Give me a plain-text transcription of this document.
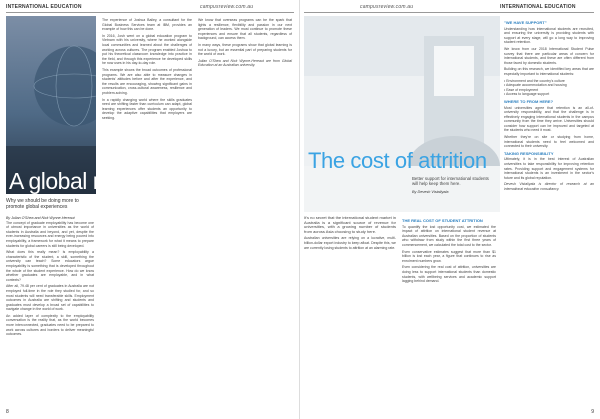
INTERNATIONAL EDUCATION	campusreview.com.au
A global mind
Why we should be doing more to promote global experiences
By Julian O'Shea and Nick Wynne-Hereaut

The concept of graduate employability has become one of utmost importance in universities as the world of students in Australia and beyond, and yet, despite the ever-increasing resources and energy being poured into employability, a framework for what it means to prepare students for global careers is still being developed.

What does this really mean? Is employability a characteristic of the student, a skill, something the university can teach? Some educators argue employability is something that is developed throughout the whole of the student experience. How do we know whether graduates are employable, and in what contexts?

After all, 79.48 per cent of graduates in Australia are not employed full-time in the role they studied for, and so most students will need transferable skills. Employment outcomes in Australia are shifting and students and graduates must develop a broad set of capabilities to navigate change in the world of work.

An added layer of complexity to the employability conversation is the reality that, as the world becomes more interconnected, graduates need to be prepared to work across cultures and borders to deliver meaningful outcomes.

The experience of Joshua Bailey, a consultant for the Global Business Services team at IBM, provides an example of how this can be done.

In 2016, Josh went on a global education program to Vietnam with his university, where he worked alongside local communities and learned about the challenges of working across cultures. The program enabled Joshua to put his theoretical classroom knowledge into practice in the field, and through this experience he developed skills he now uses in his day-to-day role.

This example shows the broad outcomes of professional programs. We are also able to measure changes in students' attitudes before and after the experience, and the results are encouraging, showing significant gains in communication, cross-cultural awareness, resilience and problem-solving.

In a rapidly changing world where the skills graduates need are shifting faster than curriculum can adapt, global learning experiences offer students an opportunity to develop the adaptive capabilities that employers are seeking.

We know that overseas programs can be the spark that lights a resilience, flexibility and passion in our next generation of leaders. We must continue to promote these experiences and ensure that all students, regardless of background, can access them.

In many ways, these programs show that global learning is not a luxury, but an essential part of preparing students for the world of work.

Julian O'Shea and Nick Wynne-Hereaut are from Global Education at an Australian university.

8
campusreview.com.au	INTERNATIONAL EDUCATION
The cost of attrition
Better support for international students will help keep them here.
By Devesh Vistaliyala

It's no secret that the international student market in Australia is a significant source of revenue for universities, with a growing number of students from across Asia choosing to study here.

Australian universities are relying on a lucrative, multi-billion-dollar export industry to keep afloat. Despite this, we are currently losing students to attrition at an alarming rate.

THE REAL COST OF STUDENT ATTRITION

To quantify the lost opportunity cost, we estimated the impact of attrition on international student revenue at Australian universities. Based on the proportion of students who withdraw from study within the first three years of commencement, we calculated the total cost to the sector.

Even conservative estimates suggest that more than $1 billion is lost each year, a figure that continues to rise as enrolment numbers grow.

Even considering the real cost of attrition, universities are doing less to support international students than domestic students, with wellbeing services and academic support lagging behind demand.

"WE HAVE SUPPORT"

Understanding how international students are recruited, and ensuring the university is providing students with support at every stage, will go a long way to improving student retention.

We know from our 2018 International Student Pulse survey that there are particular areas of concern for international students, and these are often different from those faced by domestic students.

Building on this research, we identified key areas that are especially important to international students:

• Environment and the country's culture
• Adequate accommodation and housing
• Ease of employment
• Access to language support
WHERE TO FROM HERE?

Most universities agree that retention is an all-of-university responsibility, and that the challenge is in effectively engaging international students in the campus community from the time they arrive. Universities should consider how support can be improved and targeted at the students who need it most.

Whether they're on site or studying from home, international students need to feel welcomed and connected to their university.

TAKING RESPONSIBILITY

Ultimately, it is in the best interest of Australian universities to take responsibility for improving retention rates. Providing support and engagement systems for international students is an investment in the sector's future and its global reputation.

Devesh Vistaliyala is director of research at an international education consultancy.

9
